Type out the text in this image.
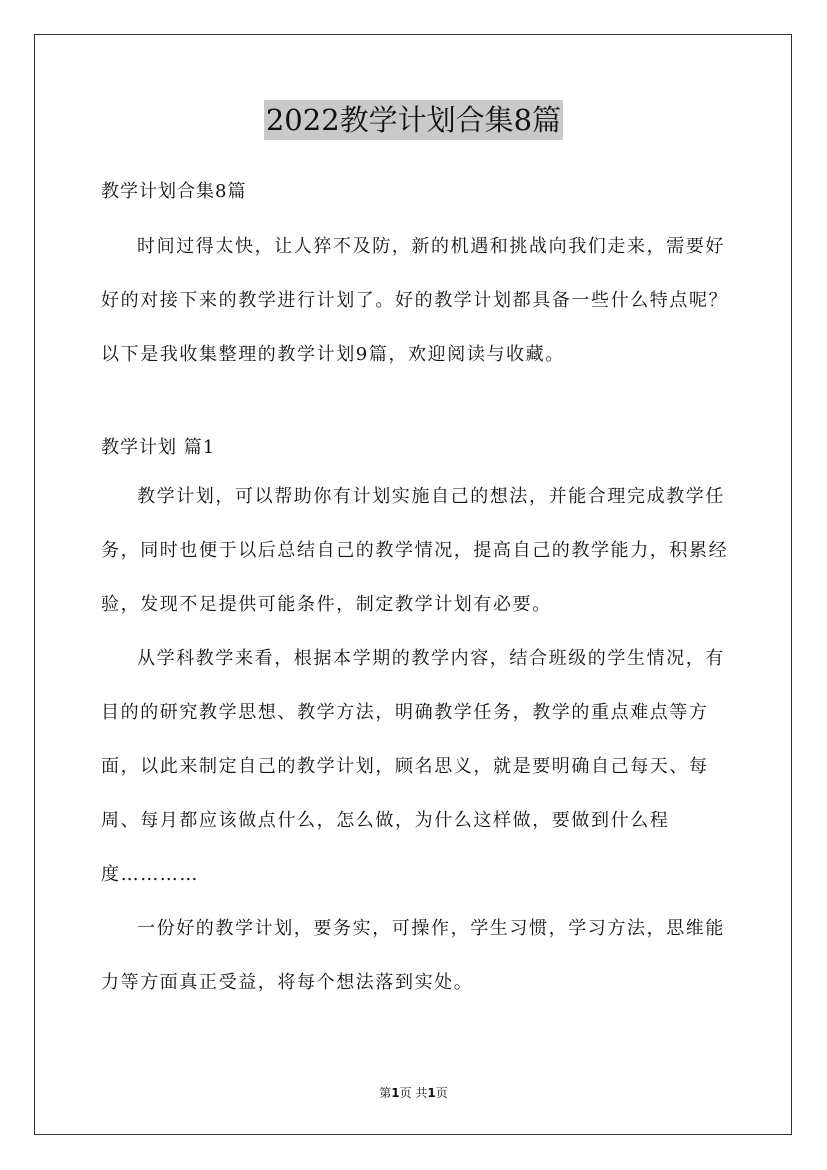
2022教学计划合集8篇

教学计划合集8篇

时间过得太快，让人猝不及防，新的机遇和挑战向我们走来，需要好好的对接下来的教学进行计划了。好的教学计划都具备一些什么特点呢？以下是我收集整理的教学计划9篇，欢迎阅读与收藏。

教学计划 篇1

教学计划，可以帮助你有计划实施自己的想法，并能合理完成教学任务，同时也便于以后总结自己的教学情况，提高自己的教学能力，积累经验，发现不足提供可能条件，制定教学计划有必要。

从学科教学来看，根据本学期的教学内容，结合班级的学生情况，有目的的研究教学思想、教学方法，明确教学任务，教学的重点难点等方面，以此来制定自己的教学计划，顾名思义，就是要明确自己每天、每周、每月都应该做点什么，怎么做，为什么这样做，要做到什么程度…………

一份好的教学计划，要务实，可操作，学生习惯，学习方法，思维能力等方面真正受益，将每个想法落到实处。

第1页 共1页
